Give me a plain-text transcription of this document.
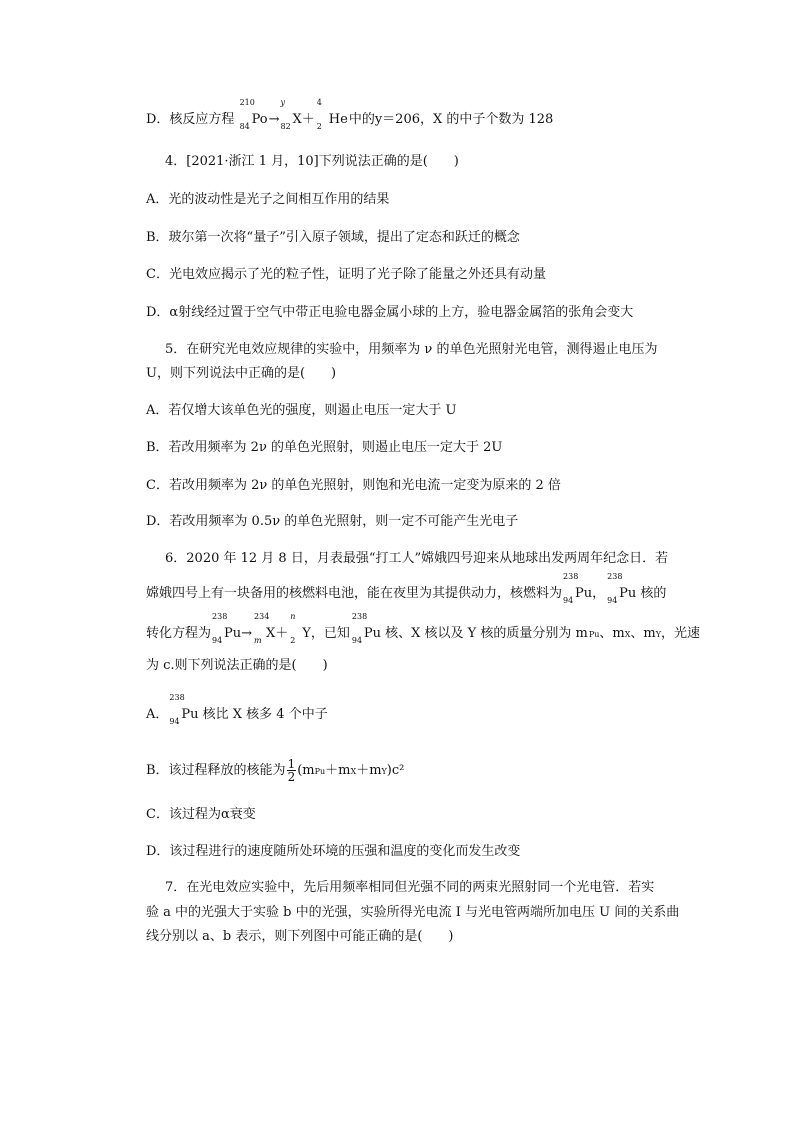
D．核反应方程
210
84 Po→
y
82 X＋
4
2 He中的y＝206，X 的中子个数为 128
4．[2021·浙江 1 月，10]下列说法正确的是(　　)
A．光的波动性是光子之间相互作用的结果
B．玻尔第一次将“量子”引入原子领域，提出了定态和跃迁的概念
C．光电效应揭示了光的粒子性，证明了光子除了能量之外还具有动量
D．α射线经过置于空气中带正电验电器金属小球的上方，验电器金属箔的张角会变大
5．在研究光电效应规律的实验中，用频率为 ν 的单色光照射光电管，测得遏止电压为
U，则下列说法中正确的是(　　)
A．若仅增大该单色光的强度，则遏止电压一定大于 U
B．若改用频率为 2ν 的单色光照射，则遏止电压一定大于 2U
C．若改用频率为 2ν 的单色光照射，则饱和光电流一定变为原来的 2 倍
D．若改用频率为 0.5ν 的单色光照射，则一定不可能产生光电子
6．2020 年 12 月 8 日，月表最强“打工人”嫦娥四号迎来从地球出发两周年纪念日．若
嫦娥四号上有一块备用的核燃料电池，能在夜里为其提供动力，核燃料为
238
94 Pu，
238
94 Pu 核的
转化方程为
238
94 Pu→
234
m X＋
n
2 Y，已知
238
94 Pu 核、X 核以及 Y 核的质量分别为 mPu、mX、mY，光速
为 c.则下列说法正确的是(　　)
A．
238
94 Pu 核比 X 核多 4 个中子
B．该过程释放的核能为 $\frac{1}{2} (mPu+mX+mY)c^2$
C．该过程为α衰变
D．该过程进行的速度随所处环境的压强和温度的变化而发生改变
7．在光电效应实验中，先后用频率相同但光强不同的两束光照射同一个光电管．若实
验 a 中的光强大于实验 b 中的光强，实验所得光电流 I 与光电管两端所加电压 U 间的关系曲
线分别以 a、b 表示，则下列图中可能正确的是(　　)
